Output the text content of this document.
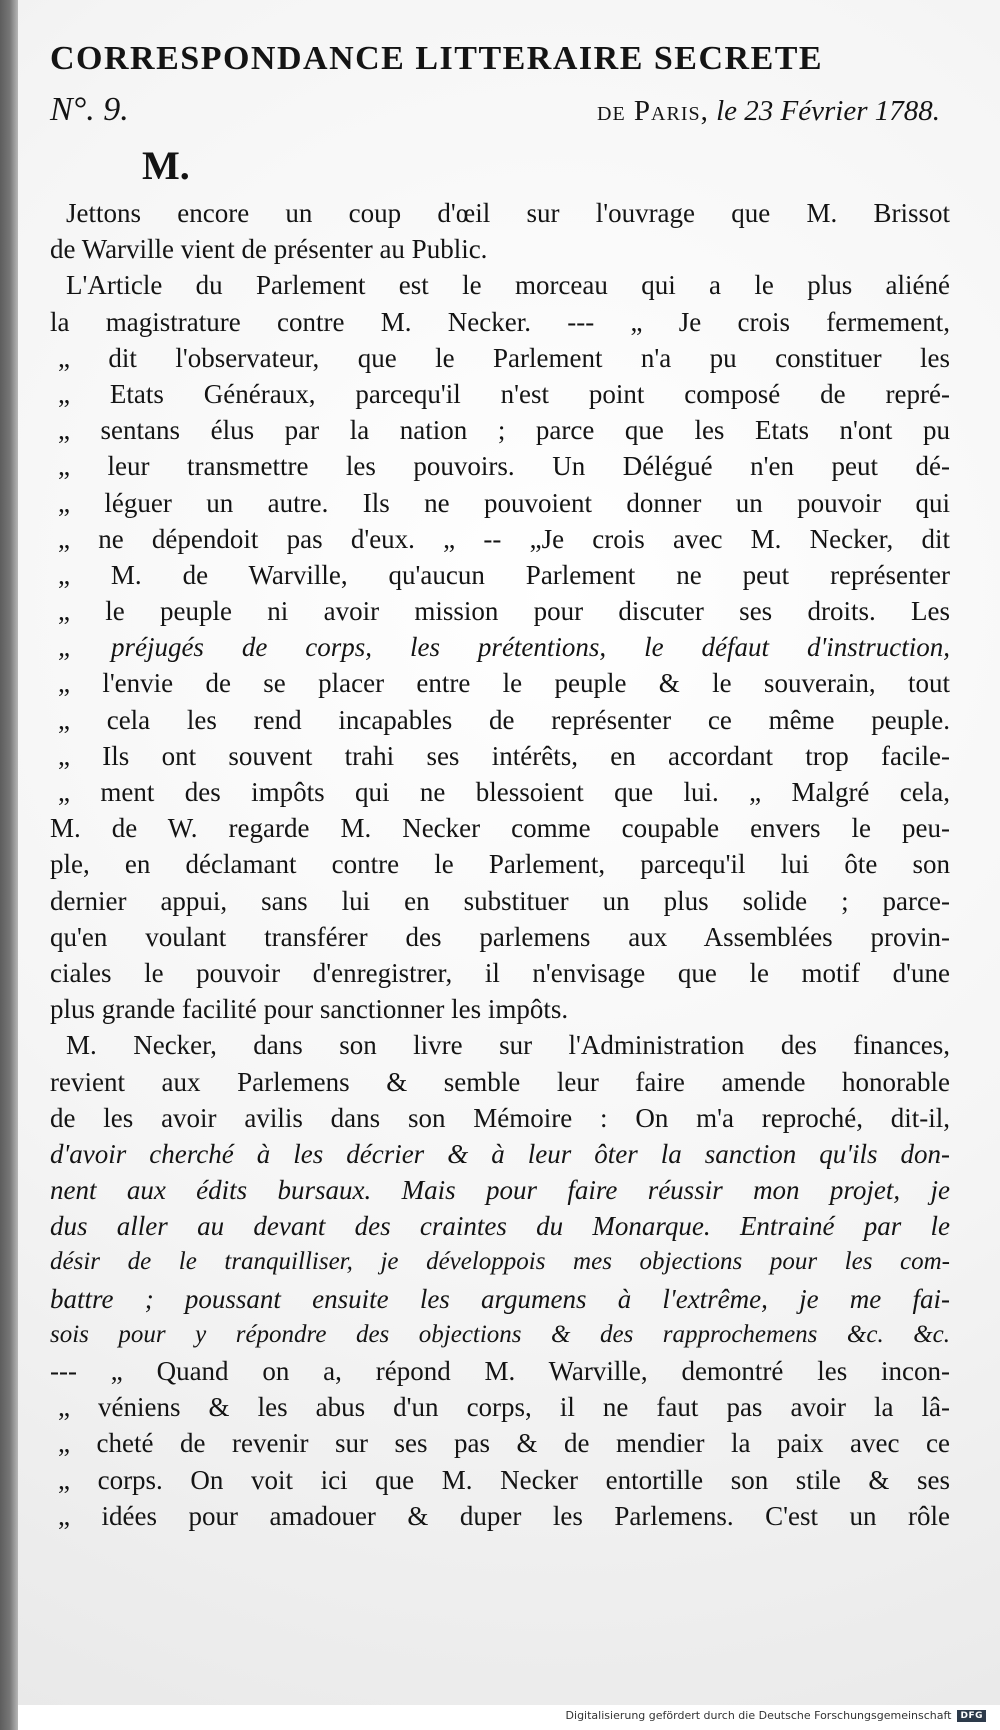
CORRESPONDANCE LITTERAIRE SECRETE
N°. 9.	de Paris, le 23 Février 1788.
M.
Jettons encore un coup d'œil sur l'ouvrage que M. Brissot
de Warville vient de présenter au Public.
L'Article du Parlement est le morceau qui a le plus aliéné
la magistrature contre M. Necker. --- „ Je crois fermement,
„ dit l'observateur, que le Parlement n'a pu constituer les
„ Etats Généraux, parcequ'il n'est point composé de repré-
„ sentans élus par la nation ; parce que les Etats n'ont pu
„ leur transmettre les pouvoirs. Un Délégué n'en peut dé-
„ léguer un autre. Ils ne pouvoient donner un pouvoir qui
„ ne dépendoit pas d'eux. „ -- „Je crois avec M. Necker, dit
„ M. de Warville, qu'aucun Parlement ne peut représenter
„ le peuple ni avoir mission pour discuter ses droits. Les
„ préjugés de corps, les prétentions, le défaut d'instruction,
„ l'envie de se placer entre le peuple & le souverain, tout
„ cela les rend incapables de représenter ce même peuple.
„ Ils ont souvent trahi ses intérêts, en accordant trop facile-
„ ment des impôts qui ne blessoient que lui. „ Malgré cela,
M. de W. regarde M. Necker comme coupable envers le peu-
ple, en déclamant contre le Parlement, parcequ'il lui ôte son
dernier appui, sans lui en substituer un plus solide ; parce-
qu'en voulant transférer des parlemens aux Assemblées provin-
ciales le pouvoir d'enregistrer, il n'envisage que le motif d'une
plus grande facilité pour sanctionner les impôts.
M. Necker, dans son livre sur l'Administration des finances,
revient aux Parlemens & semble leur faire amende honorable
de les avoir avilis dans son Mémoire : On m'a reproché, dit-il,
d'avoir cherché à les décrier & à leur ôter la sanction qu'ils don-
nent aux édits bursaux. Mais pour faire réussir mon projet, je
dus aller au devant des craintes du Monarque. Entrainé par le
désir de le tranquilliser, je développois mes objections pour les com-
battre ; poussant ensuite les argumens à l'extrême, je me fai-
sois pour y répondre des objections & des rapprochemens &c. &c.
--- „ Quand on a, répond M. Warville, demontré les incon-
„ véniens & les abus d'un corps, il ne faut pas avoir la lâ-
„ cheté de revenir sur ses pas & de mendier la paix avec ce
„ corps. On voit ici que M. Necker entortille son stile & ses
„ idées pour amadouer & duper les Parlemens. C'est un rôle
Digitalisierung gefördert durch die Deutsche Forschungsgemeinschaft	DFG
